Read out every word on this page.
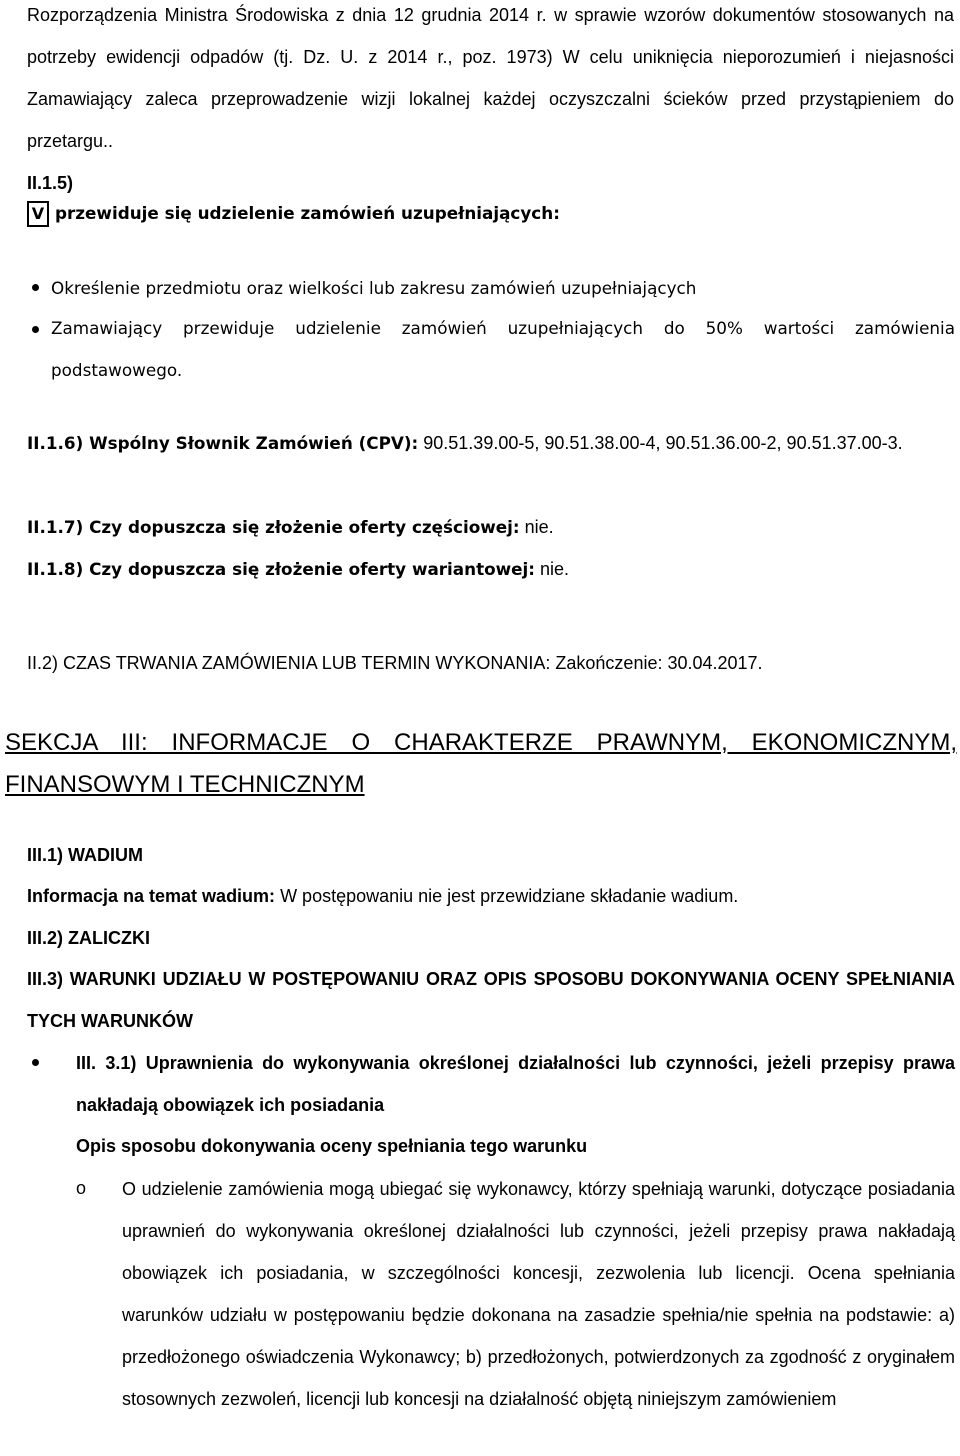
Rozporządzenia Ministra Środowiska z dnia 12 grudnia 2014 r. w sprawie wzorów dokumentów stosowanych na potrzeby ewidencji odpadów (tj. Dz. U. z 2014 r., poz. 1973) W celu uniknięcia nieporozumień i niejasności Zamawiający zaleca przeprowadzenie wizji lokalnej każdej oczyszczalni ścieków przed przystąpieniem do przetargu..

II.1.5)

V przewiduje się udzielenie zamówień uzupełniających:

Określenie przedmiotu oraz wielkości lub zakresu zamówień uzupełniających

Zamawiający przewiduje udzielenie zamówień uzupełniających do 50% wartości zamówienia podstawowego.

II.1.6) Wspólny Słownik Zamówień (CPV): 90.51.39.00-5, 90.51.38.00-4, 90.51.36.00-2, 90.51.37.00-3.

II.1.7) Czy dopuszcza się złożenie oferty częściowej: nie.

II.1.8) Czy dopuszcza się złożenie oferty wariantowej: nie.

II.2) CZAS TRWANIA ZAMÓWIENIA LUB TERMIN WYKONANIA: Zakończenie: 30.04.2017.

SEKCJA III: INFORMACJE O CHARAKTERZE PRAWNYM, EKONOMICZNYM, FINANSOWYM I TECHNICZNYM

III.1) WADIUM

Informacja na temat wadium: W postępowaniu nie jest przewidziane składanie wadium.

III.2) ZALICZKI

III.3) WARUNKI UDZIAŁU W POSTĘPOWANIU ORAZ OPIS SPOSOBU DOKONYWANIA OCENY SPEŁNIANIA TYCH WARUNKÓW

III. 3.1) Uprawnienia do wykonywania określonej działalności lub czynności, jeżeli przepisy prawa nakładają obowiązek ich posiadania

Opis sposobu dokonywania oceny spełniania tego warunku

o O udzielenie zamówienia mogą ubiegać się wykonawcy, którzy spełniają warunki, dotyczące posiadania uprawnień do wykonywania określonej działalności lub czynności, jeżeli przepisy prawa nakładają obowiązek ich posiadania, w szczególności koncesji, zezwolenia lub licencji. Ocena spełniania warunków udziału w postępowaniu będzie dokonana na zasadzie spełnia/nie spełnia na podstawie: a) przedłożonego oświadczenia Wykonawcy; b) przedłożonych, potwierdzonych za zgodność z oryginałem stosownych zezwoleń, licencji lub koncesji na działalność objętą niniejszym zamówieniem
